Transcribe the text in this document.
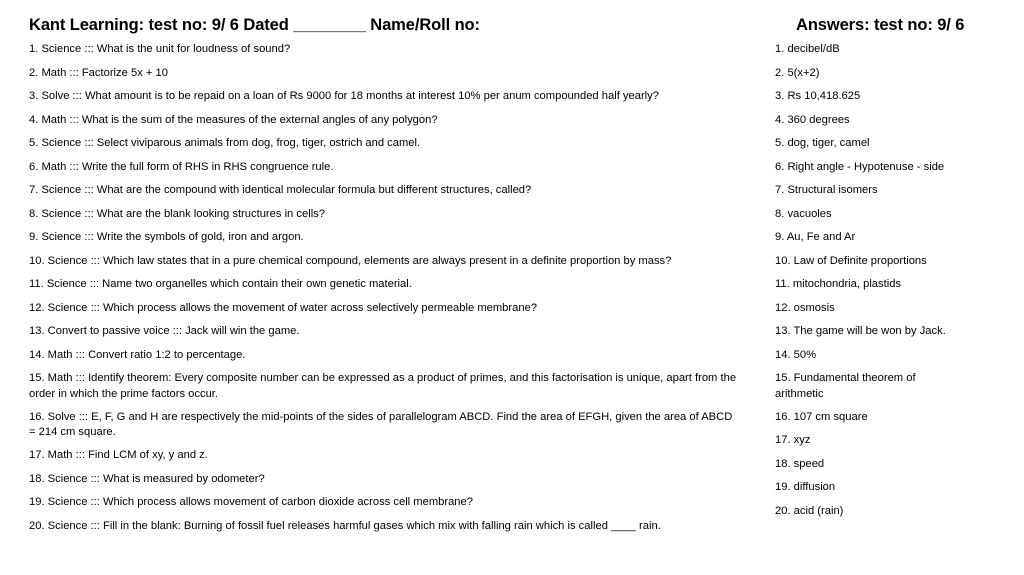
Kant Learning: test no: 9/ 6 Dated ________ Name/Roll no:	Answers: test no: 9/ 6
1. Science ::: What is the unit for loudness of sound?
2. Math ::: Factorize 5x + 10
3. Solve ::: What amount is to be repaid on a loan of Rs 9000 for 18 months at interest 10% per anum compounded half yearly?
4. Math ::: What is the sum of the measures of the external angles of any polygon?
5. Science ::: Select viviparous animals from dog, frog, tiger, ostrich and camel.
6. Math ::: Write the full form of RHS in RHS congruence rule.
7. Science ::: What are the compound with identical molecular formula but different structures, called?
8. Science ::: What are the blank looking structures in cells?
9. Science ::: Write the symbols of gold, iron and argon.
10. Science ::: Which law states that in a pure chemical compound, elements are always present in a definite proportion by mass?
11. Science ::: Name two organelles which contain their own genetic material.
12. Science ::: Which process allows the movement of water across selectively permeable membrane?
13. Convert to passive voice ::: Jack will win the game.
14. Math ::: Convert ratio 1:2 to percentage.
15. Math ::: Identify theorem: Every composite number can be expressed as a product of primes, and this factorisation is unique, apart from the order in which the prime factors occur.
16. Solve ::: E, F, G and H are respectively the mid-points of the sides of parallelogram ABCD. Find the area of EFGH, given the area of ABCD = 214 cm square.
17. Math ::: Find LCM of xy, y and z.
18. Science ::: What is measured by odometer?
19. Science ::: Which process allows movement of carbon dioxide across cell membrane?
20. Science ::: Fill in the blank: Burning of fossil fuel releases harmful gases which mix with falling rain which is called ____ rain.
1. decibel/dB
2. 5(x+2)
3. Rs 10,418.625
4. 360 degrees
5. dog, tiger, camel
6. Right angle - Hypotenuse - side
7. Structural isomers
8. vacuoles
9. Au, Fe and Ar
10. Law of Definite proportions
11. mitochondria, plastids
12. osmosis
13. The game will be won by Jack.
14. 50%
15. Fundamental theorem of arithmetic
16. 107 cm square
17. xyz
18. speed
19. diffusion
20. acid (rain)
